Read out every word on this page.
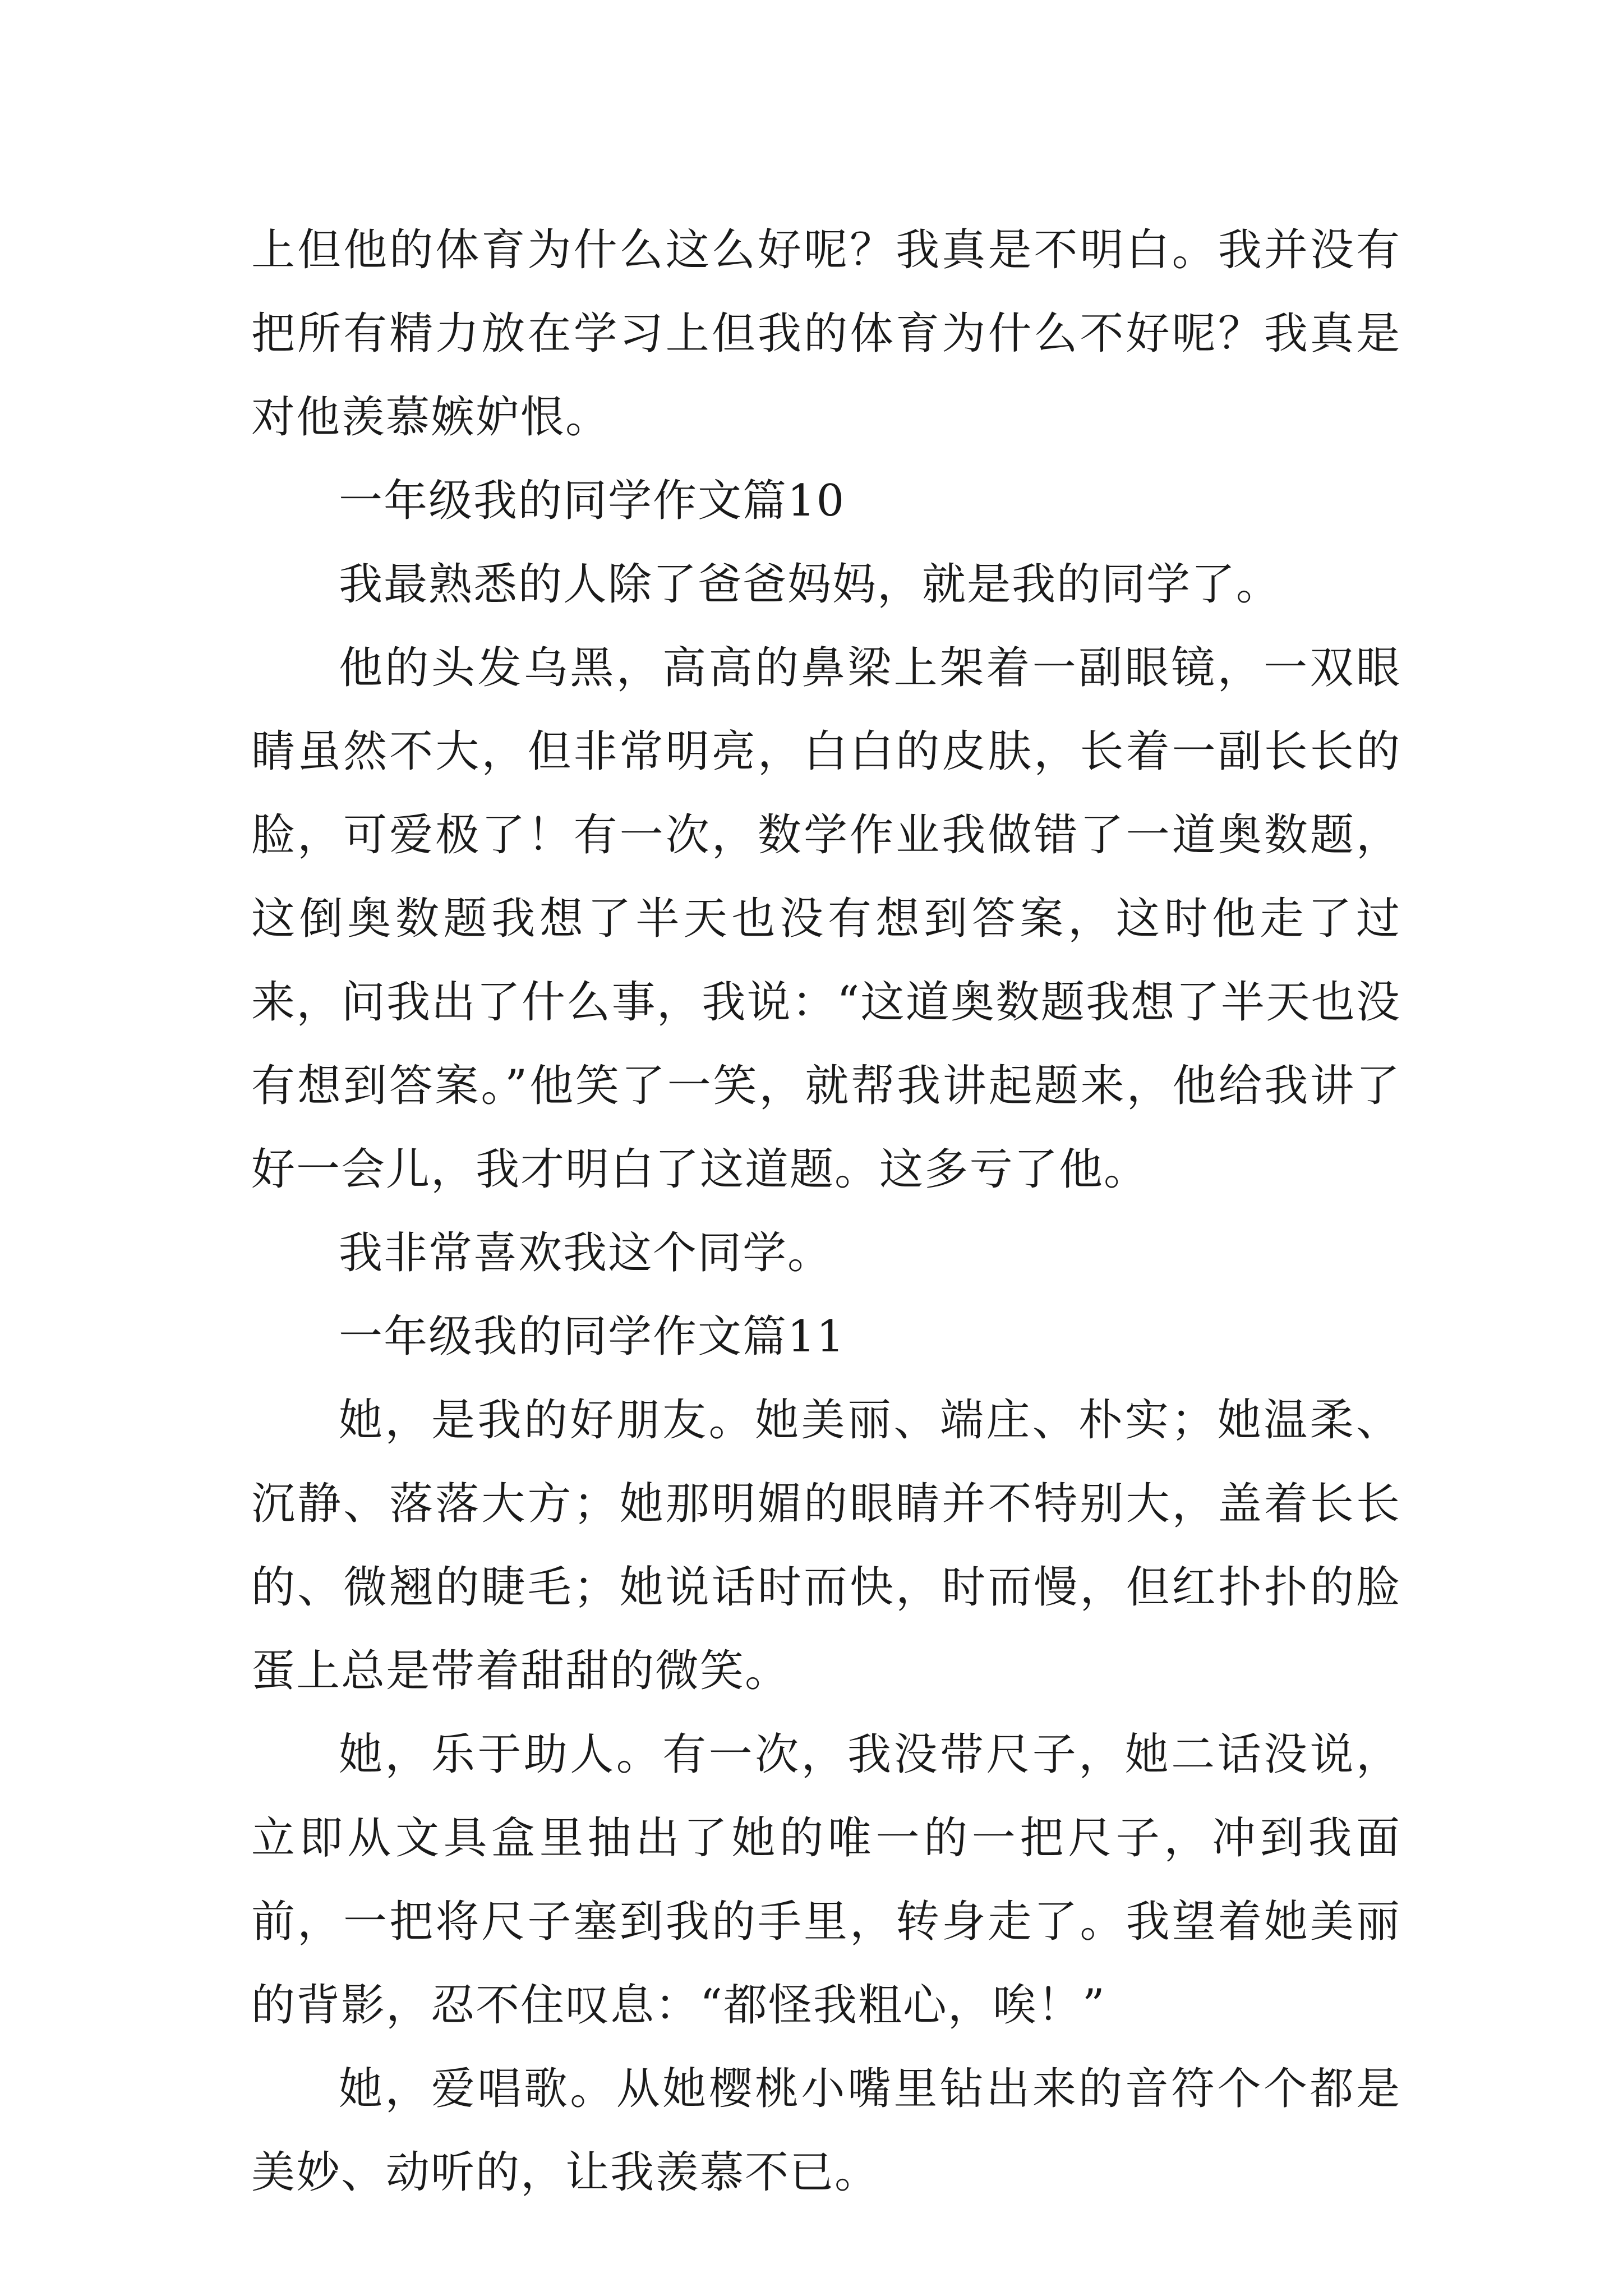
上但他的体育为什么这么好呢？我真是不明白。我并没有把所有精力放在学习上但我的体育为什么不好呢？我真是对他羡慕嫉妒恨。

一年级我的同学作文篇10

我最熟悉的人除了爸爸妈妈，就是我的同学了。

他的头发乌黑，高高的鼻梁上架着一副眼镜，一双眼睛虽然不大，但非常明亮，白白的皮肤，长着一副长长的脸，可爱极了！有一次，数学作业我做错了一道奥数题，这倒奥数题我想了半天也没有想到答案，这时他走了过来，问我出了什么事，我说：“这道奥数题我想了半天也没有想到答案。”他笑了一笑，就帮我讲起题来，他给我讲了好一会儿，我才明白了这道题。这多亏了他。

我非常喜欢我这个同学。

一年级我的同学作文篇11

她，是我的好朋友。她美丽、端庄、朴实；她温柔、沉静、落落大方；她那明媚的眼睛并不特别大，盖着长长的、微翘的睫毛；她说话时而快，时而慢，但红扑扑的脸蛋上总是带着甜甜的微笑。

她，乐于助人。有一次，我没带尺子，她二话没说，立即从文具盒里抽出了她的唯一的一把尺子，冲到我面前，一把将尺子塞到我的手里，转身走了。我望着她美丽的背影，忍不住叹息：“都怪我粗心，唉！”

她，爱唱歌。从她樱桃小嘴里钻出来的音符个个都是美妙、动听的，让我羡慕不已。
